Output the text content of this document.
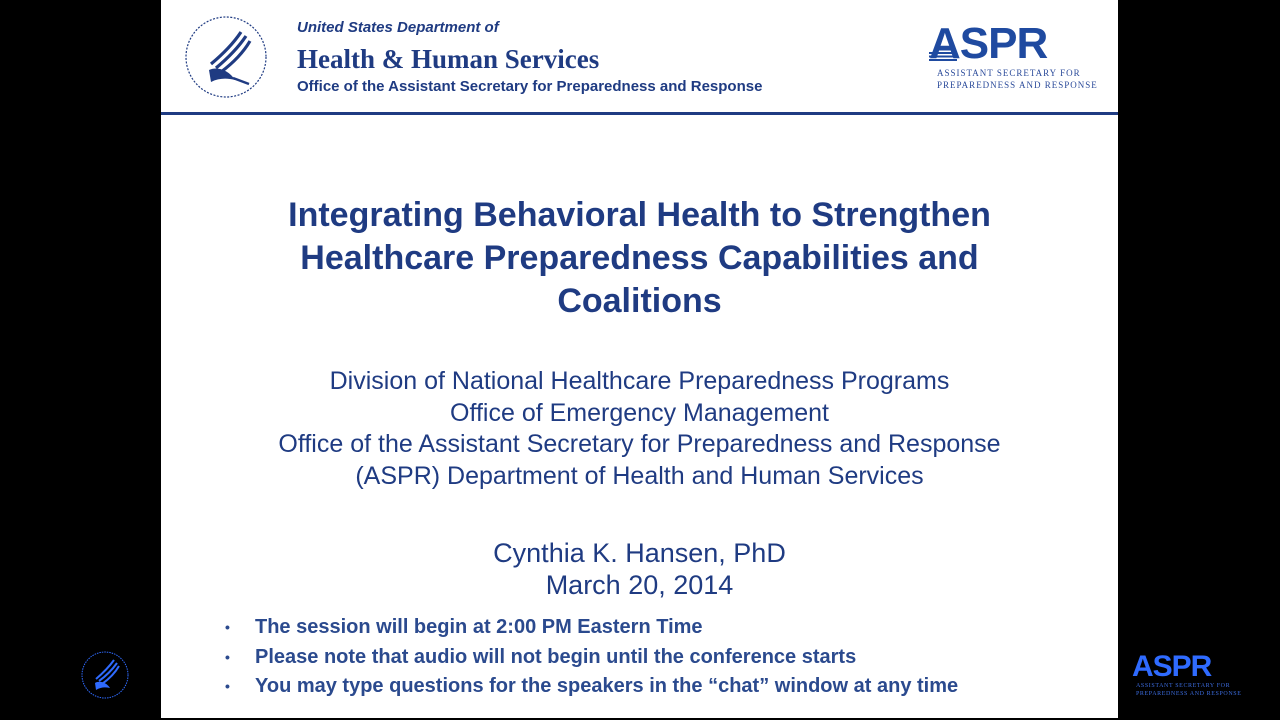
United States Department of
Health & Human Services
Office of the Assistant Secretary for Preparedness and Response
ASPR
ASSISTANT SECRETARY FOR
PREPAREDNESS AND RESPONSE
Integrating Behavioral Health to Strengthen
Healthcare Preparedness Capabilities and
Coalitions
Division of National Healthcare Preparedness Programs
Office of Emergency Management
Office of the Assistant Secretary for Preparedness and Response
(ASPR) Department of Health and Human Services
Cynthia K. Hansen, PhD
March 20, 2014
• The session will begin at 2:00 PM Eastern Time
• Please note that audio will not begin until the conference starts
• You may type questions for the speakers in the “chat” window at any time
ASPR
ASSISTANT SECRETARY FOR
PREPAREDNESS AND RESPONSE
